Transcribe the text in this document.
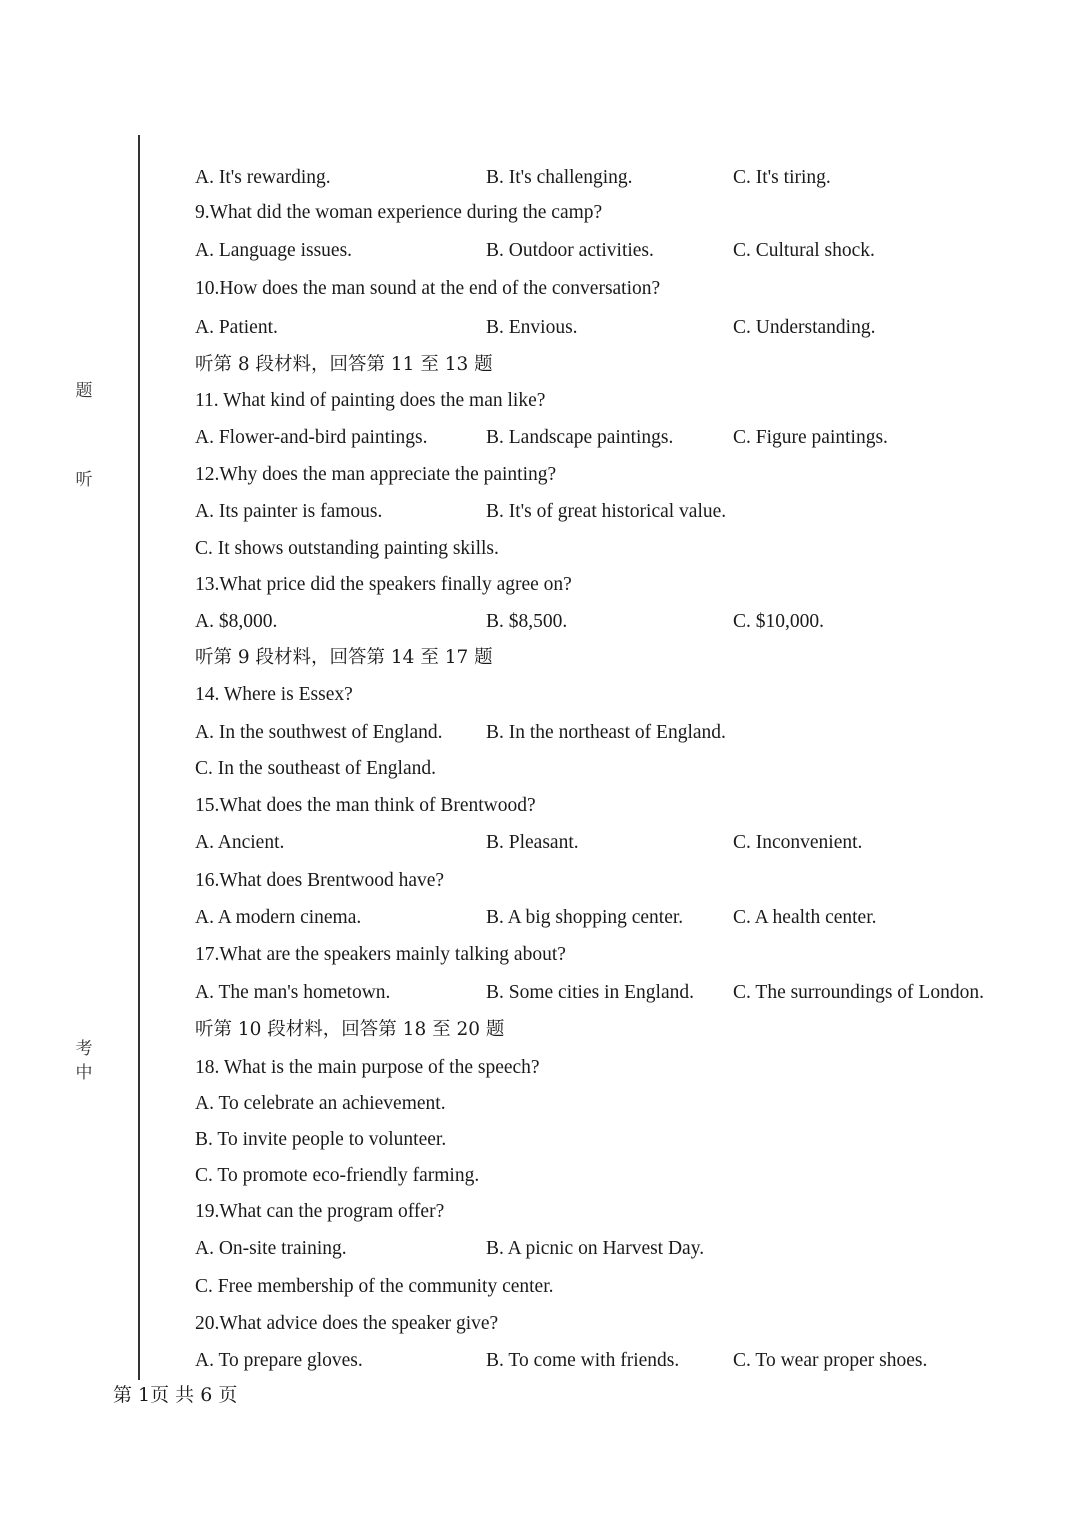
题
听
考
中
A. It's rewarding.	B. It's challenging.	C. It's tiring.
9.What did the woman experience during the camp?
A. Language issues.	B. Outdoor activities.	C. Cultural shock.
10.How does the man sound at the end of the conversation?
A. Patient.	B. Envious.	C. Understanding.
听第 8 段材料，回答第 11 至 13 题
11. What kind of painting does the man like?
A. Flower-and-bird paintings.	B. Landscape paintings.	C. Figure paintings.
12.Why does the man appreciate the painting?
A. Its painter is famous.	B. It's of great historical value.
C. It shows outstanding painting skills.
13.What price did the speakers finally agree on?
A. $8,000.	B. $8,500.	C. $10,000.
听第 9 段材料，回答第 14 至 17 题
14. Where is Essex?
A. In the southwest of England. B. In the northeast of England.
C. In the southeast of England.
15.What does the man think of Brentwood?
A. Ancient.	B. Pleasant.	C. Inconvenient.
16.What does Brentwood have?
A. A modern cinema.	B. A big shopping center.	C. A health center.
17.What are the speakers mainly talking about?
A. The man's hometown.	B. Some cities in England. C. The surroundings of London.
听第 10 段材料，回答第 18 至 20 题
18. What is the main purpose of the speech?
A. To celebrate an achievement.
B. To invite people to volunteer.
C. To promote eco-friendly farming.
19.What can the program offer?
A. On-site training.	B. A picnic on Harvest Day.
C. Free membership of the community center.
20.What advice does the speaker give?
A. To prepare gloves.	B. To come with friends.	C. To wear proper shoes.
第 1页 共 6 页
